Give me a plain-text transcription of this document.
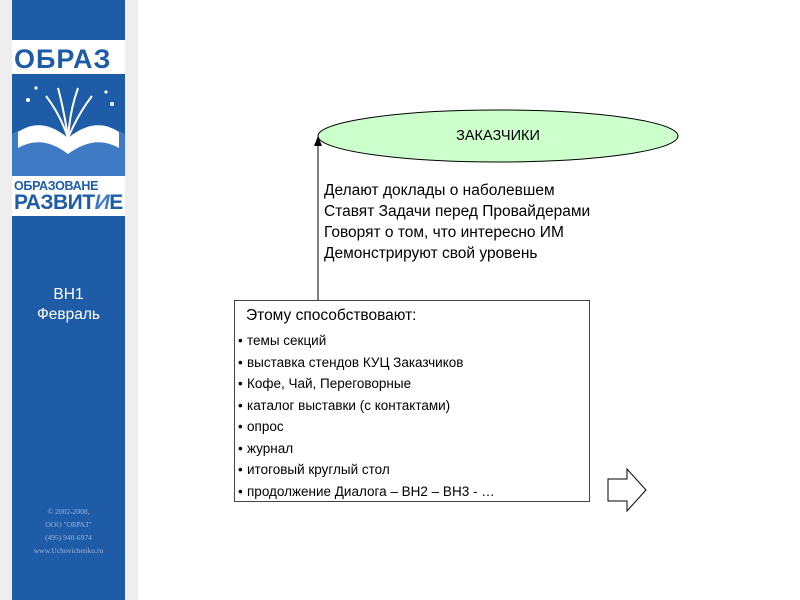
ОБРАЗ
ОБРАЗОВАНЕ
РАЗВИТИЕ
ВН1
Февраль
© 2002-2008,
ООО "ОБРАЗ"
(495) 940-6974
www.Uchovichenko.ru
ЗАКАЗЧИКИ
Делают доклады о наболевшем
Ставят Задачи перед Провайдерами
Говорят о том, что интересно ИМ
Демонстрируют свой уровень
Этому способствовают:
• темы секций
• выставка стендов КУЦ Заказчиков
• Кофе, Чай, Переговорные
• каталог выставки (с контактами)
• опрос
• журнал
• итоговый круглый стол
• продолжение Диалога – ВН2 – ВН3 - …
